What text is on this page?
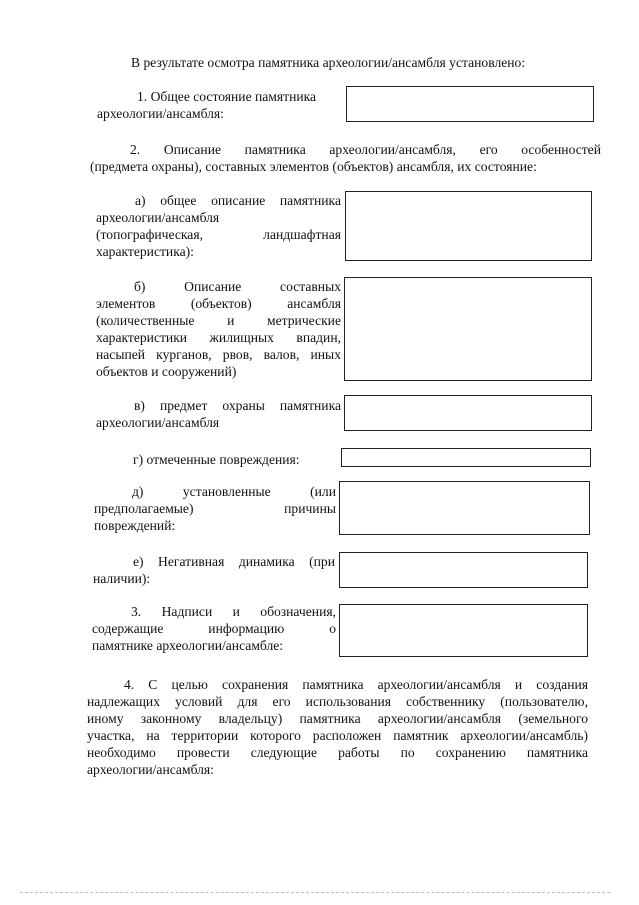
В результате осмотра памятника археологии/ансамбля установлено:

1. Общее состояние памятника

археологии/ансамбля:

2. Описание памятника археологии/ансамбля, его особенностей

(предмета охраны), составных элементов (объектов) ансамбля, их состояние:

а) общее описание памятника

археологии/ансамбля

(топографическая, ландшафтная

характеристика):

б) Описание составных

элементов (объектов) ансамбля

(количественные и метрические

характеристики жилищных впадин,

насыпей курганов, рвов, валов, иных

объектов и сооружений)

в) предмет охраны памятника

археологии/ансамбля

г) отмеченные повреждения:

д) установленные (или

предполагаемые) причины

повреждений:

е) Негативная динамика (при

наличии):

3. Надписи и обозначения,

содержащие информацию о

памятнике археологии/ансамбле:

4. С целью сохранения памятника археологии/ансамбля и создания

надлежащих условий для его использования собственнику (пользователю,

иному законному владельцу) памятника археологии/ансамбля (земельного

участка, на территории которого расположен памятник археологии/ансамбль)

необходимо провести следующие работы по сохранению памятника

археологии/ансамбля:
